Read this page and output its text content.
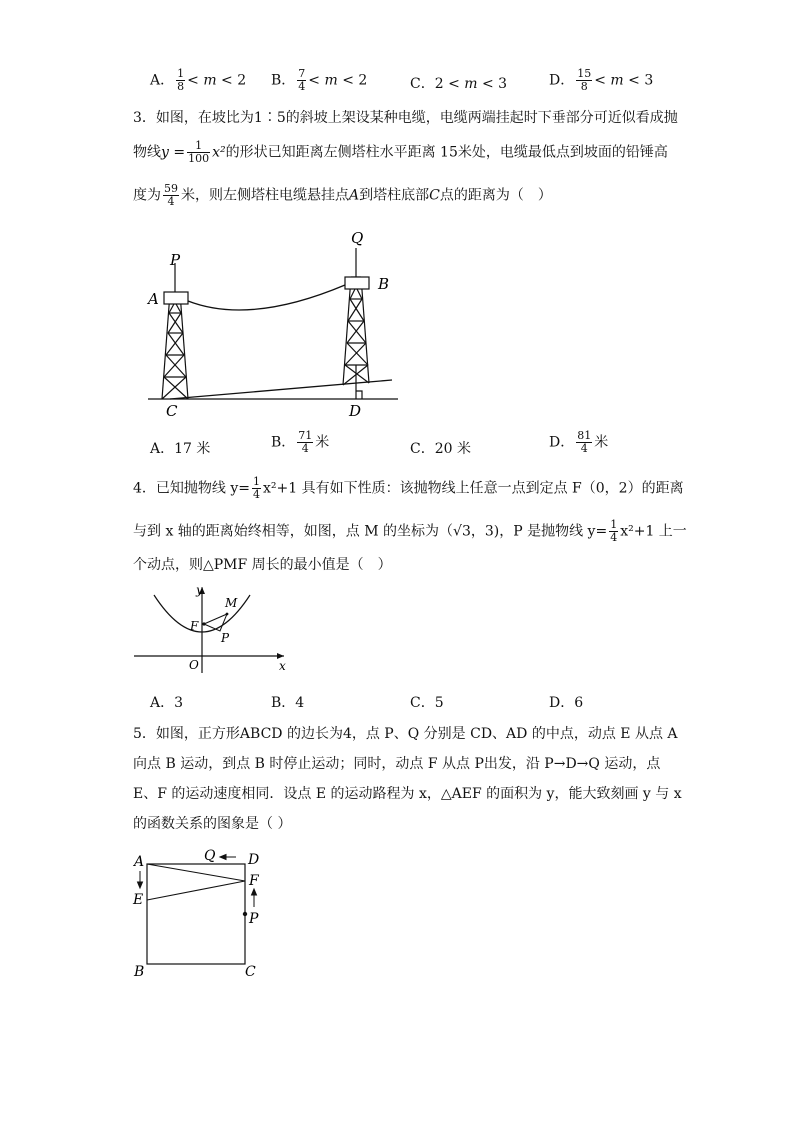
A． $\frac{1}{8} < m < 2$ B． $\frac{7}{4} < m < 2$	C．2 < m < 3	D． $\frac{15}{8} < m < 3$
3．如图，在坡比为1∶5的斜坡上架设某种电缆，电缆两端挂起时下垂部分可近似看成抛
物线$y = \frac{1}{100} x^2$的形状已知距离左侧塔柱水平距离 15米处，电缆最低点到坡面的铅锤高
度为 $\frac{59}{4}$ 米，则左侧塔柱电缆悬挂点A到塔柱底部C点的距离为（　）
P
Q
A
B
C	D
A．17 米	B． $\frac{71}{4}$ 米	C．20 米	D． $\frac{81}{4}$ 米
4．已知抛物线 $y= \frac{1}{4} x^2+1$ 具有如下性质：该抛物线上任意一点到定点 F（0，2）的距离
与到 x 轴的距离始终相等，如图，点 M 的坐标为（√3，3)，P 是抛物线 $y= \frac{1}{4} x^2+1$ 上一
个动点，则△PMF 周长的最小值是（　）
y
x
O
F
M
P
A．3	B．4	C．5	D．6
5．如图，正方形ABCD 的边长为4，点 P、Q 分别是 CD、AD 的中点，动点 E 从点 A
向点 B 运动，到点 B 时停止运动；同时，动点 F 从点 P出发，沿 P→D→Q 运动，点
E、F 的运动速度相同．设点 E 的运动路程为 x，△AEF 的面积为 y，能大致刻画 y 与 x
的函数关系的图象是（ ）
A	D
Q
F
E
P
B	C
